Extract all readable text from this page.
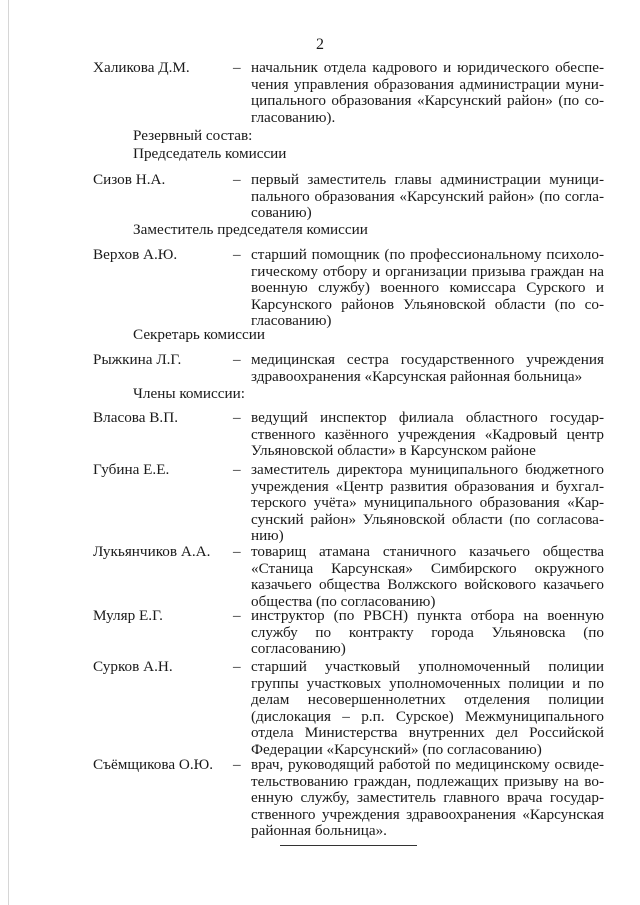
2
Халикова Д.М.	– начальник отдела кадрового и юридического обеспечения управления образования администрации муниципального образования «Карсунский район» (по согласованию).
Резервный состав:
Председатель комиссии
Сизов Н.А.	– первый заместитель главы администрации муниципального образования «Карсунский район» (по согласованию)
Заместитель председателя комиссии
Верхов А.Ю.	– старший помощник (по профессиональному психологическому отбору и организации призыва граждан на военную службу) военного комиссара Сурского и Карсунского районов Ульяновской области (по согласованию)
Секретарь комиссии
Рыжкина Л.Г.	– медицинская сестра государственного учреждения здравоохранения «Карсунская районная больница»
Члены комиссии:
Власова В.П.	– ведущий инспектор филиала областного государственного казённого учреждения «Кадровый центр Ульяновской области» в Карсунском районе
Губина Е.Е.	– заместитель директора муниципального бюджетного учреждения «Центр развития образования и бухгалтерского учёта» муниципального образования «Карсунский район» Ульяновской области (по согласованию)
Лукьянчиков А.А. – товарищ атамана станичного казачьего общества «Станица Карсунская» Симбирского окружного казачьего общества Волжского войскового казачьего общества (по согласованию)
Муляр Е.Г.	– инструктор (по РВСН) пункта отбора на военную службу по контракту города Ульяновска (по согласованию)
Сурков А.Н.	– старший участковый уполномоченный полиции группы участковых уполномоченных полиции и по делам несовершеннолетних отделения полиции (дислокация – р.п. Сурское) Межмуниципального отдела Министерства внутренних дел Российской Федерации «Карсунский» (по согласованию)
Съёмщикова О.Ю. – врач, руководящий работой по медицинскому освидетельствованию граждан, подлежащих призыву на военную службу, заместитель главного врача государственного учреждения здравоохранения «Карсунская районная больница».
